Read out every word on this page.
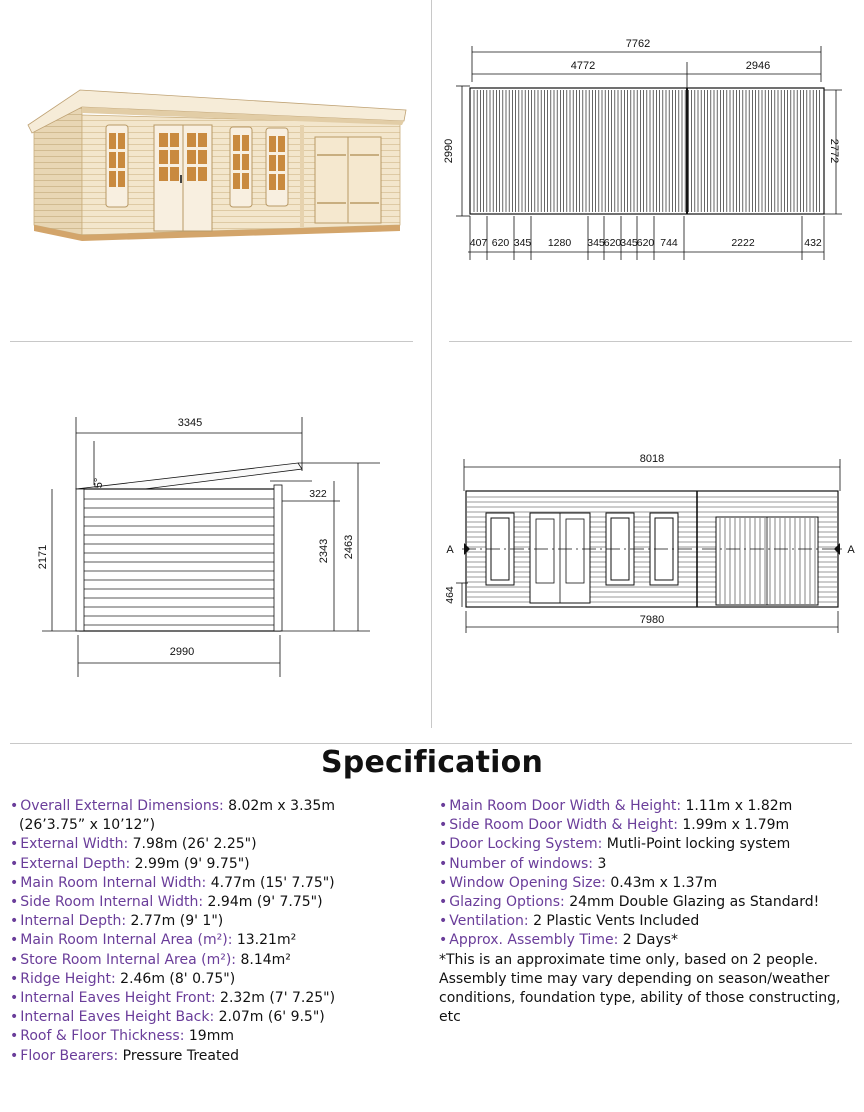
7762
4772	2946
2990	2772
407 620 345 1280 345
620
345
620 744	2222	432
3345
5°
322
2171	2343 2463
2990
8018
A	A
464
7980
Specification
• Overall External Dimensions: 8.02m x 3.35m
(26’3.75” x 10’12”)
• External Width: 7.98m (26' 2.25")
• External Depth: 2.99m (9' 9.75")
• Main Room Internal Width: 4.77m (15' 7.75")
• Side Room Internal Width: 2.94m (9' 7.75")
• Internal Depth: 2.77m (9' 1")
• Main Room Internal Area (m²): 13.21m²
• Store Room Internal Area (m²): 8.14m²
• Ridge Height: 2.46m (8' 0.75")
• Internal Eaves Height Front: 2.32m (7' 7.25")
• Internal Eaves Height Back: 2.07m (6' 9.5")
• Roof & Floor Thickness: 19mm
• Floor Bearers: Pressure Treated
• Main Room Door Width & Height: 1.11m x 1.82m
• Side Room Door Width & Height: 1.99m x 1.79m
• Door Locking System: Mutli-Point locking system
• Number of windows: 3
• Window Opening Size: 0.43m x 1.37m
• Glazing Options: 24mm Double Glazing as Standard!
• Ventilation: 2 Plastic Vents Included
• Approx. Assembly Time: 2 Days*
*This is an approximate time only, based on 2 people. Assembly time may vary depending on season/weather conditions, foundation type, ability of those constructing, etc
